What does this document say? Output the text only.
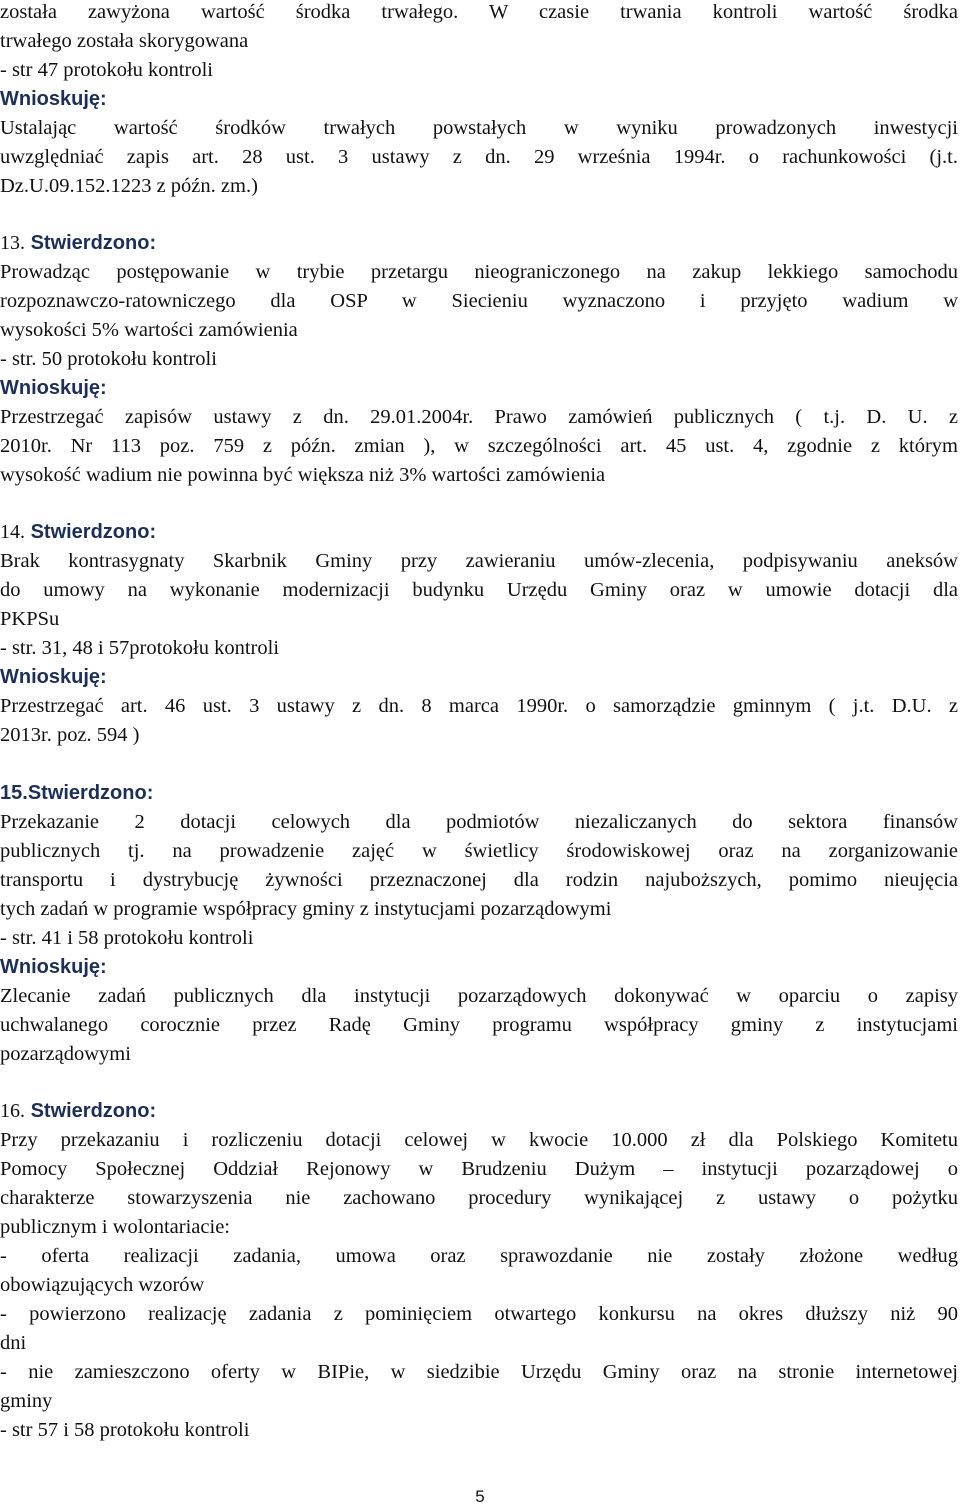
została zawyżona wartość środka trwałego. W czasie trwania kontroli wartość środka
trwałego została skorygowana
- str 47 protokołu kontroli
Wnioskuję:
Ustalając wartość środków trwałych powstałych w wyniku prowadzonych inwestycji
uwzględniać zapis art. 28 ust. 3 ustawy z dn. 29 września 1994r. o rachunkowości (j.t.
Dz.U.09.152.1223 z późn. zm.)
13. Stwierdzono:
Prowadząc postępowanie w trybie przetargu nieograniczonego na zakup lekkiego samochodu
rozpoznawczo-ratowniczego dla OSP w Siecieniu wyznaczono i przyjęto wadium w
wysokości 5% wartości zamówienia
- str. 50 protokołu kontroli
Wnioskuję:
Przestrzegać zapisów ustawy z dn. 29.01.2004r. Prawo zamówień publicznych ( t.j. D. U. z
2010r. Nr 113 poz. 759 z późn. zmian ), w szczególności art. 45 ust. 4, zgodnie z którym
wysokość wadium nie powinna być większa niż 3% wartości zamówienia
14. Stwierdzono:
Brak kontrasygnaty Skarbnik Gminy przy zawieraniu umów-zlecenia, podpisywaniu aneksów
do umowy na wykonanie modernizacji budynku Urzędu Gminy oraz w umowie dotacji dla
PKPSu
- str. 31, 48 i 57protokołu kontroli
Wnioskuję:
Przestrzegać art. 46 ust. 3 ustawy z dn. 8 marca 1990r. o samorządzie gminnym ( j.t. D.U. z
2013r. poz. 594 )
15.Stwierdzono:
Przekazanie 2 dotacji celowych dla podmiotów niezaliczanych do sektora finansów
publicznych tj. na prowadzenie zajęć w świetlicy środowiskowej oraz na zorganizowanie
transportu i dystrybucję żywności przeznaczonej dla rodzin najuboższych, pomimo nieujęcia
tych zadań w programie współpracy gminy z instytucjami pozarządowymi
- str. 41 i 58 protokołu kontroli
Wnioskuję:
Zlecanie zadań publicznych dla instytucji pozarządowych dokonywać w oparciu o zapisy
uchwalanego corocznie przez Radę Gminy programu współpracy gminy z instytucjami
pozarządowymi
16. Stwierdzono:
Przy przekazaniu i rozliczeniu dotacji celowej w kwocie 10.000 zł dla Polskiego Komitetu
Pomocy Społecznej Oddział Rejonowy w Brudzeniu Dużym – instytucji pozarządowej o
charakterze stowarzyszenia nie zachowano procedury wynikającej z ustawy o pożytku
publicznym i wolontariacie:
- oferta realizacji zadania, umowa oraz sprawozdanie nie zostały złożone według
obowiązujących wzorów
- powierzono realizację zadania z pominięciem otwartego konkursu na okres dłuższy niż 90
dni
- nie zamieszczono oferty w BIPie, w siedzibie Urzędu Gminy oraz na stronie internetowej
gminy
- str 57 i 58 protokołu kontroli
5
